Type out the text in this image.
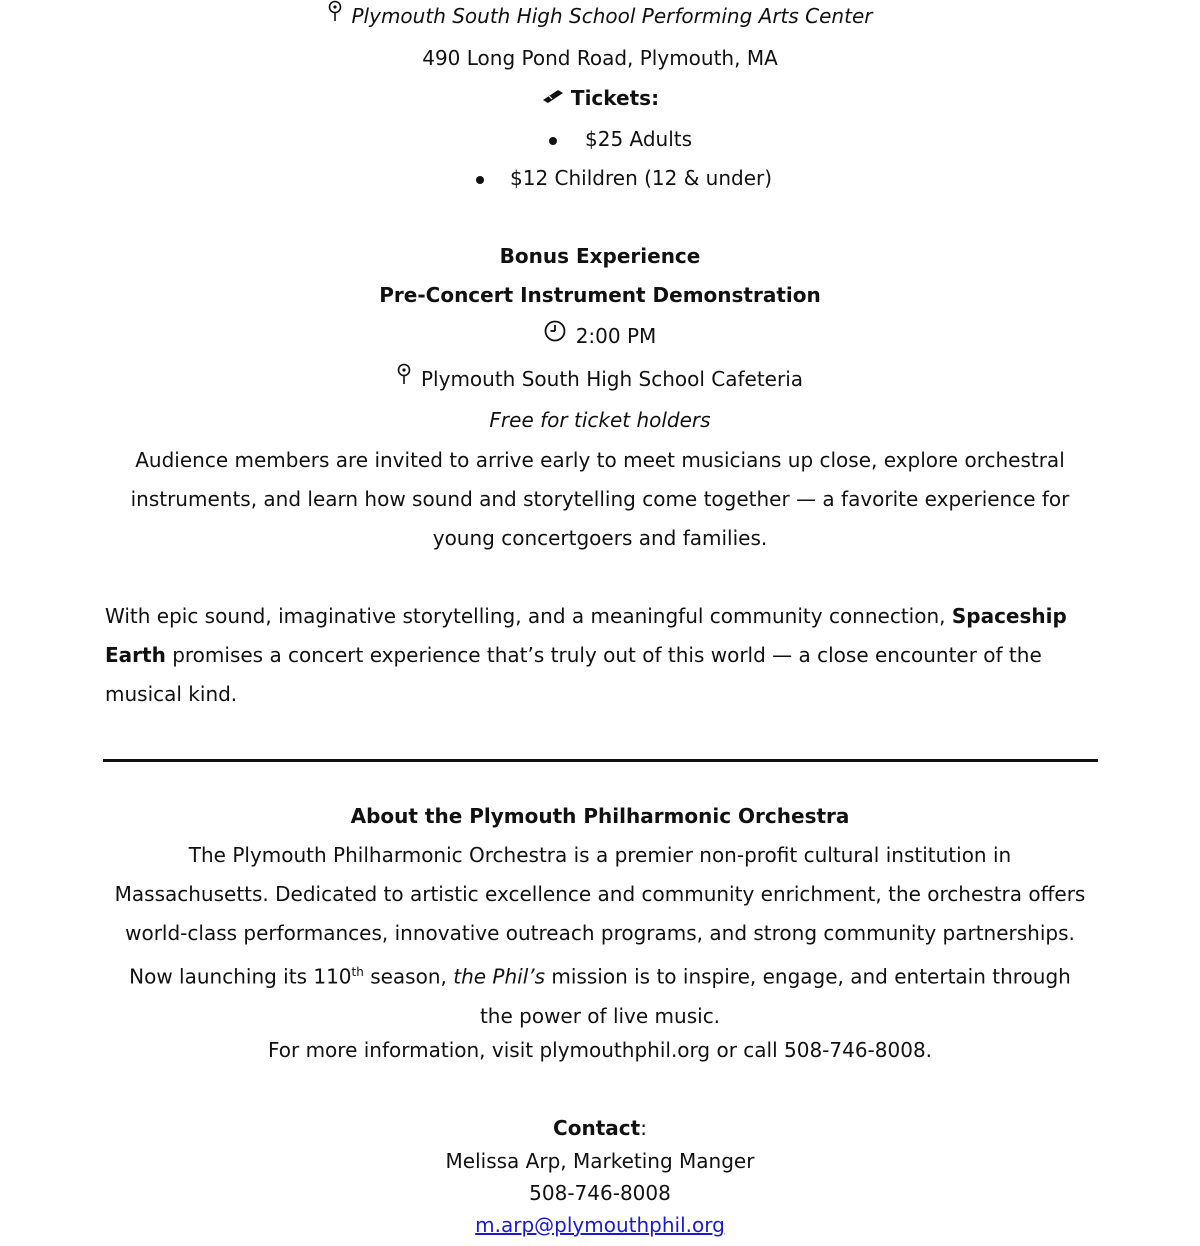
Plymouth South High School Performing Arts Center
490 Long Pond Road, Plymouth, MA
Tickets:
$25 Adults
$12 Children (12 & under)
Bonus Experience
Pre-Concert Instrument Demonstration
2:00 PM
Plymouth South High School Cafeteria
Free for ticket holders
Audience members are invited to arrive early to meet musicians up close, explore orchestral instruments, and learn how sound and storytelling come together — a favorite experience for young concertgoers and families.
With epic sound, imaginative storytelling, and a meaningful community connection, Spaceship Earth promises a concert experience that’s truly out of this world — a close encounter of the musical kind.
About the Plymouth Philharmonic Orchestra
The Plymouth Philharmonic Orchestra is a premier non-profit cultural institution in Massachusetts. Dedicated to artistic excellence and community enrichment, the orchestra offers world-class performances, innovative outreach programs, and strong community partnerships. Now launching its 110th season, the Phil’s mission is to inspire, engage, and entertain through the power of live music.
For more information, visit plymouthphil.org or call 508-746-8008.
Contact:
Melissa Arp, Marketing Manger
508-746-8008
m.arp@plymouthphil.org
